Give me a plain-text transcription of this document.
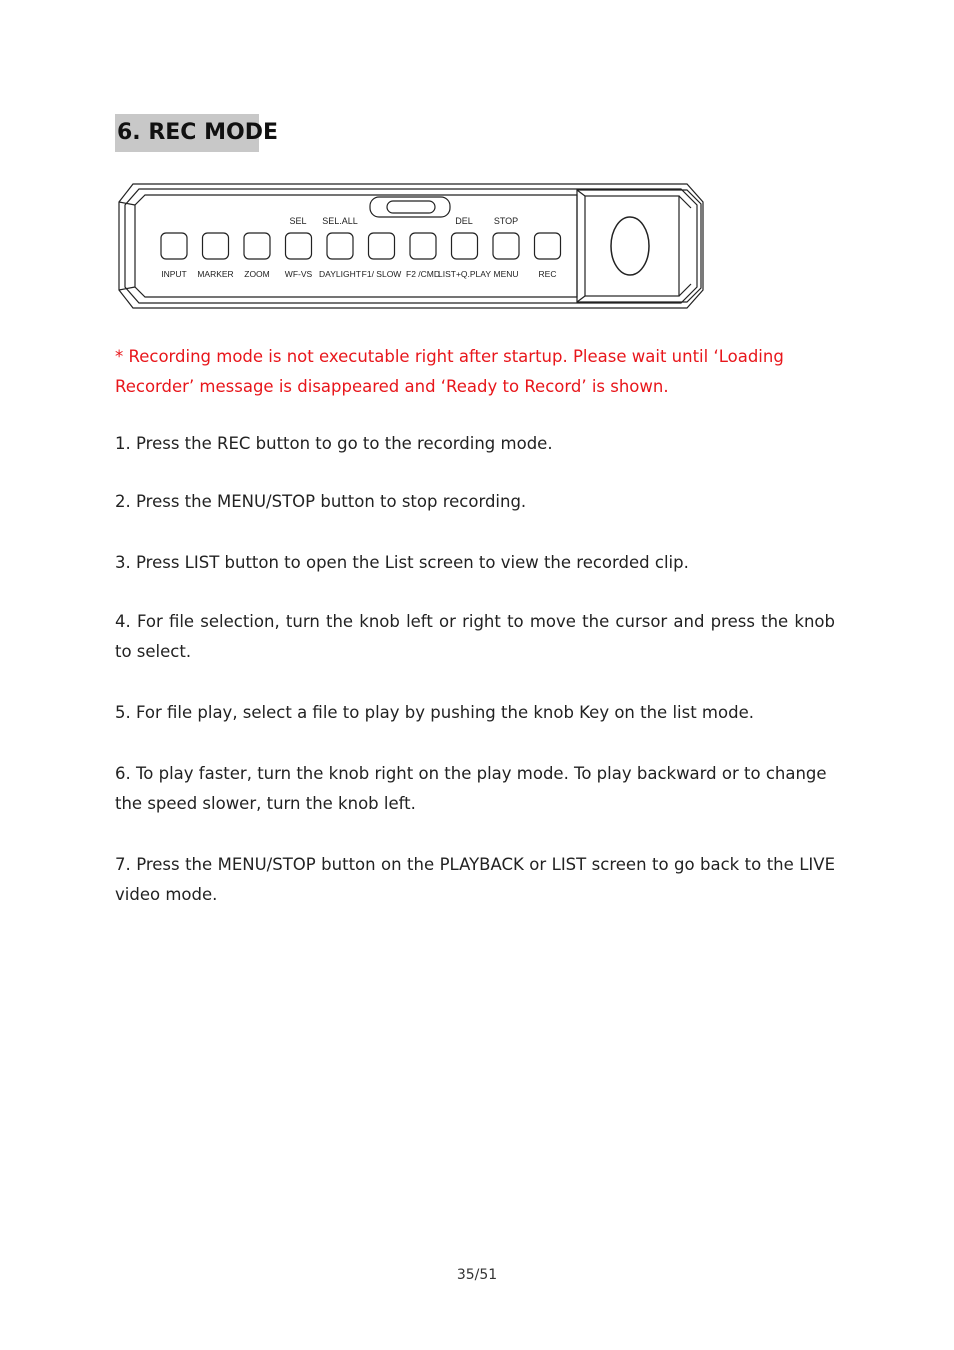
6. REC MODE
SEL SEL.ALL	DEL STOP
INPUT MARKER ZOOM WF-VS DAYLIGHT F1/ SLOW F2 /CMD
LIST+Q.PLAY MENU REC
* Recording mode is not executable right after startup. Please wait until ‘Loading Recorder’ message is disappeared and ‘Ready to Record’ is shown.
1. Press the REC button to go to the recording mode.
2. Press the MENU/STOP button to stop recording.
3. Press LIST button to open the List screen to view the recorded clip.
4. For file selection, turn the knob left or right to move the cursor and press the knob to select.
5. For file play, select a file to play by pushing the knob Key on the list mode.
6. To play faster, turn the knob right on the play mode. To play backward or to change the speed slower, turn the knob left.
7. Press the MENU/STOP button on the PLAYBACK or LIST screen to go back to the LIVE video mode.
35/51
